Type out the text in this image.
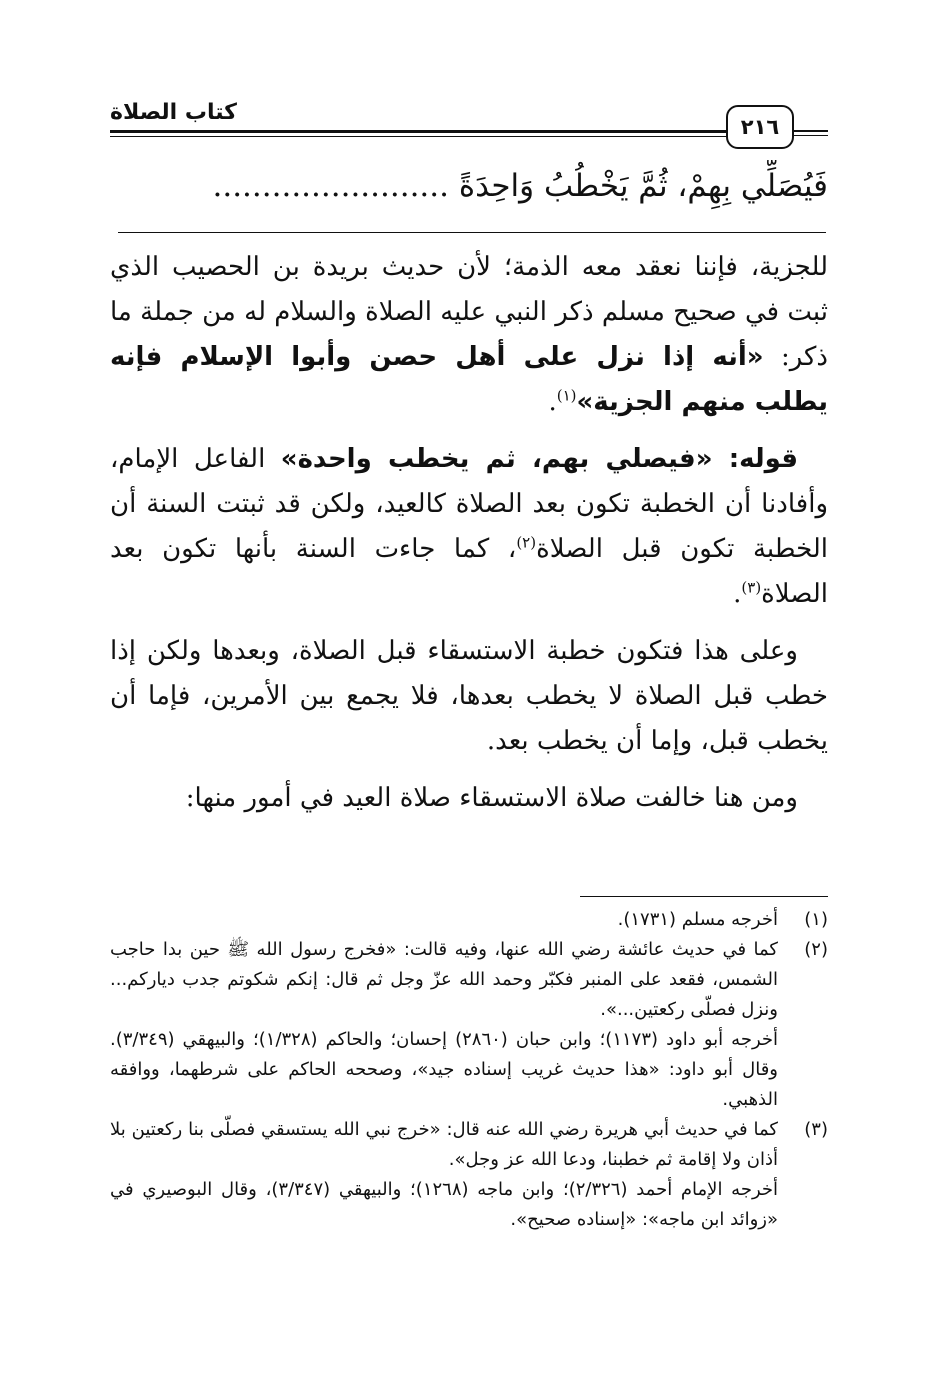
كتاب الصلاة
٢١٦
فَيُصَلِّي بِهِمْ، ثُمَّ يَخْطُبُ وَاحِدَةً ........................

للجزية، فإننا نعقد معه الذمة؛ لأن حديث بريدة بن الحصيب الذي ثبت في صحيح مسلم ذكر النبي عليه الصلاة والسلام له من جملة ما ذكر: «أنه إذا نزل على أهل حصن وأبوا الإسلام فإنه يطلب منهم الجزية»$^{(١)}$.

قوله: «فيصلي بهم، ثم يخطب واحدة» الفاعل الإمام، وأفادنا أن الخطبة تكون بعد الصلاة كالعيد، ولكن قد ثبتت السنة أن الخطبة تكون قبل الصلاة$^{(٢)}$، كما جاءت السنة بأنها تكون بعد الصلاة$^{(٣)}$.

وعلى هذا فتكون خطبة الاستسقاء قبل الصلاة، وبعدها ولكن إذا خطب قبل الصلاة لا يخطب بعدها، فلا يجمع بين الأمرين، فإما أن يخطب قبل، وإما أن يخطب بعد.

ومن هنا خالفت صلاة الاستسقاء صلاة العيد في أمور منها:

(١)

أخرجه مسلم (١٧٣١).

(٢)

كما في حديث عائشة رضي الله عنها، وفيه قالت: «فخرج رسول الله ﷺ حين بدا حاجب الشمس، فقعد على المنبر فكبّر وحمد الله عزّ وجل ثم قال: إنكم شكوتم جدب دياركم... ونزل فصلّى ركعتين...».

أخرجه أبو داود (١١٧٣)؛ وابن حبان (٢٨٦٠) إحسان؛ والحاكم (١/٣٢٨)؛ والبيهقي (٣/٣٤٩). وقال أبو داود: «هذا حديث غريب إسناده جيد»، وصححه الحاكم على شرطهما، ووافقه الذهبي.

(٣)

كما في حديث أبي هريرة رضي الله عنه قال: «خرج نبي الله يستسقي فصلّى بنا ركعتين بلا أذان ولا إقامة ثم خطبنا، ودعا الله عز وجل».

أخرجه الإمام أحمد (٢/٣٢٦)؛ وابن ماجه (١٢٦٨)؛ والبيهقي (٣/٣٤٧)، وقال البوصيري في «زوائد ابن ماجه»: «إسناده صحيح».
